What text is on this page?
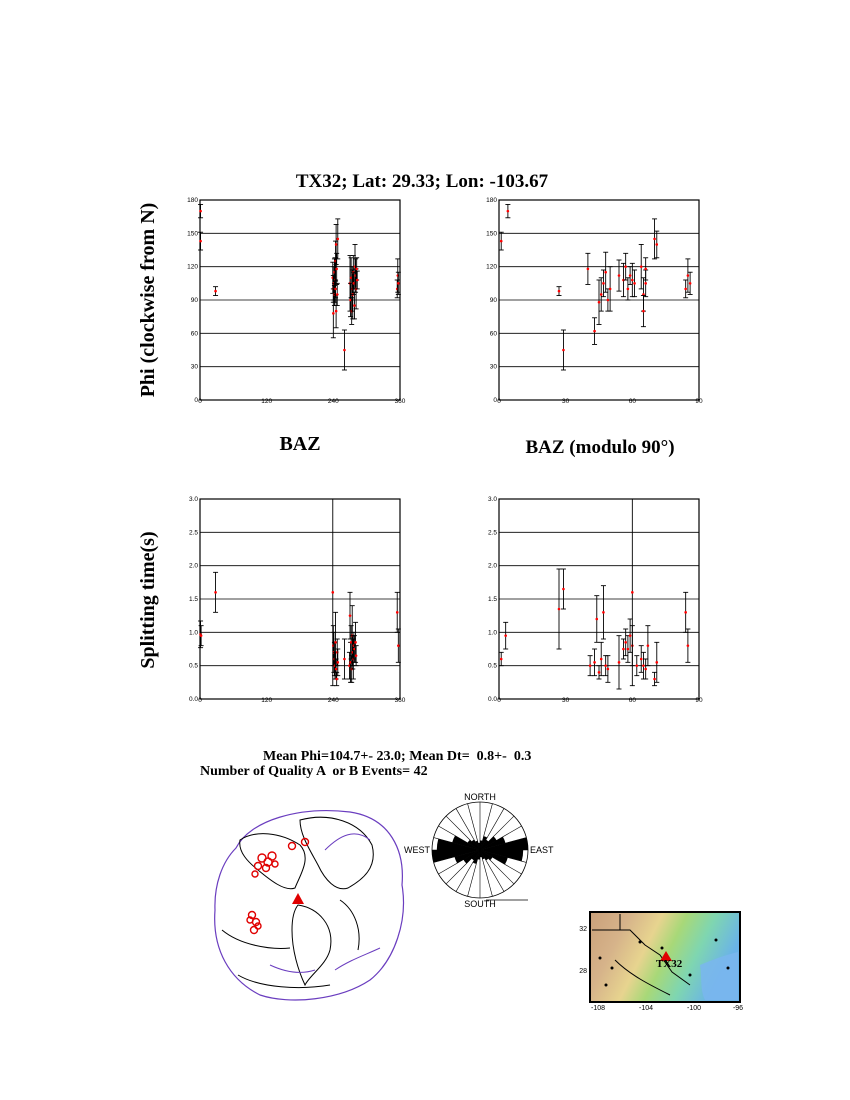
TX32; Lat: 29.33; Lon: -103.67
Phi (clockwise from N)
Splitting time(s)
BAZ	BAZ (modulo 90°)
0
30
60
90
120
150
180
0	120	240	360	0
30
60
90
120
150
180
0	30	60	90
0.0
0.5
1.0
1.5
2.0
2.5
3.0
0	120	240	360	0.0
0.5
1.0
1.5
2.0
2.5
3.0
0	30	60	90
Mean Phi=104.7+- 23.0; Mean Dt=  0.8+-  0.3
Number of Quality A  or B Events= 42
NORTH
SOUTH
EAST
WEST
TX32
32
28
-108	-104	-100	-96
